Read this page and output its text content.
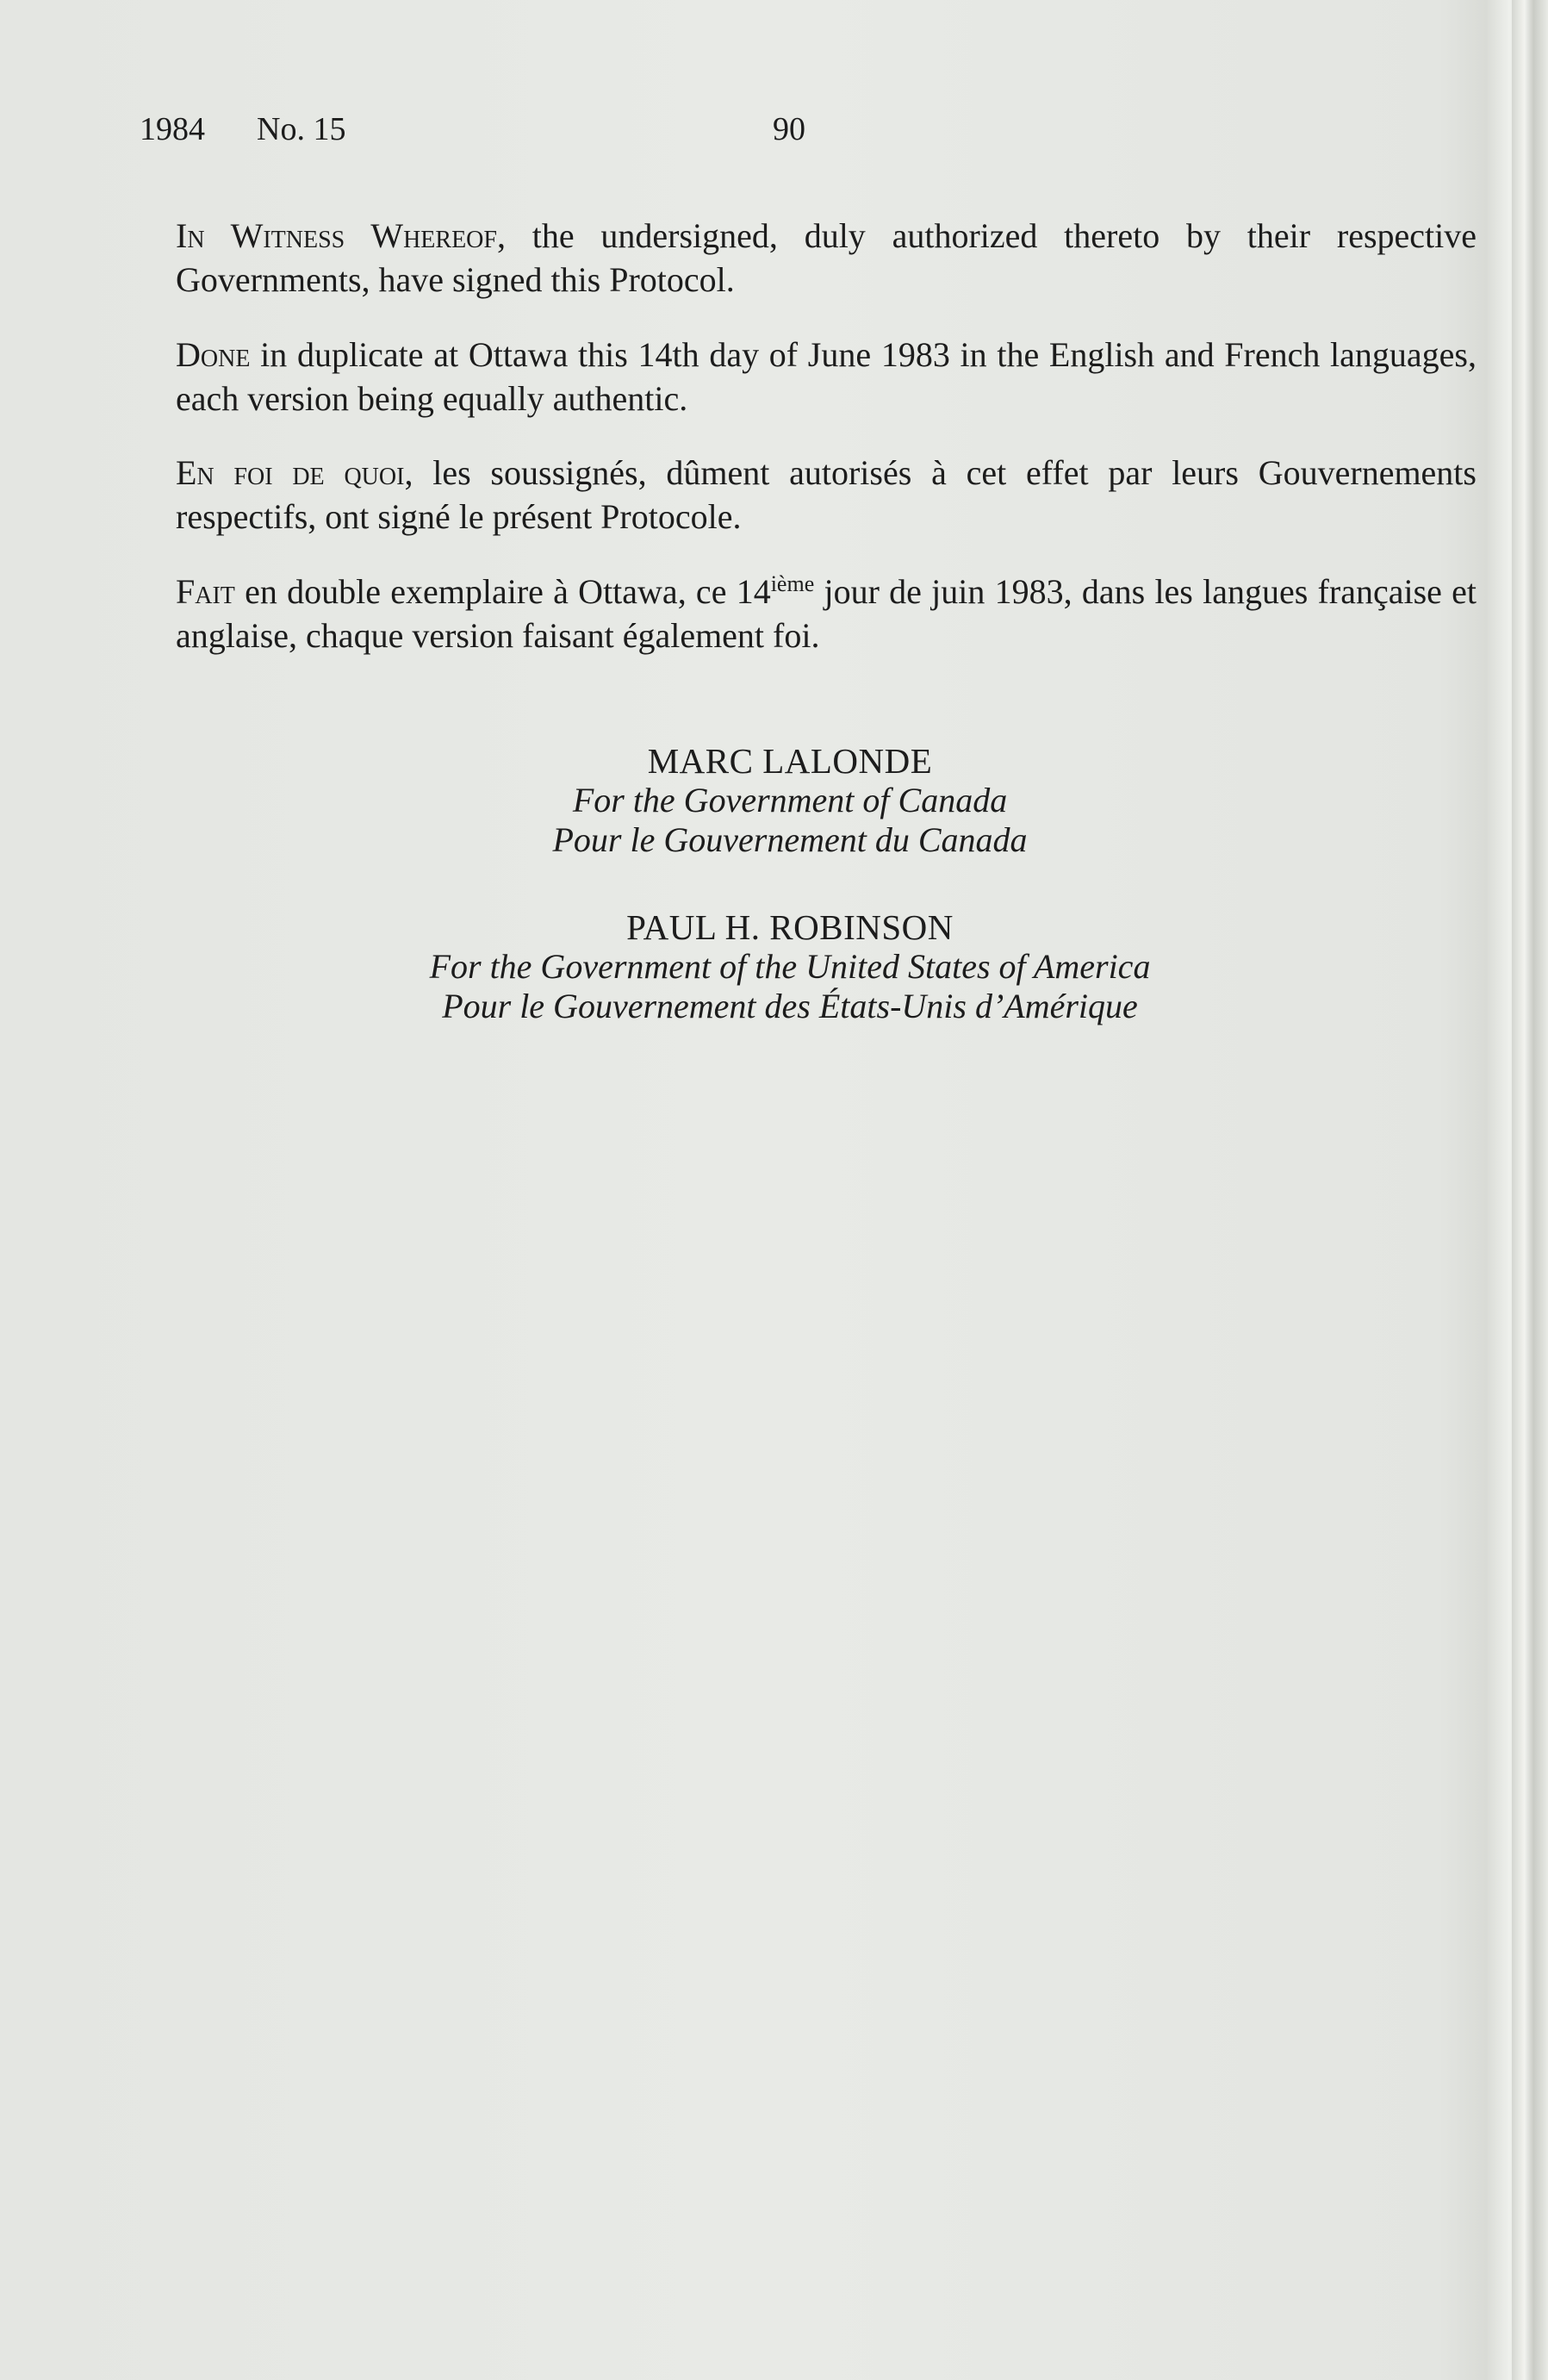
1984 No. 15	90

In Witness Whereof, the undersigned, duly authorized thereto by their respective Governments, have signed this Protocol.

Done in duplicate at Ottawa this 14th day of June 1983 in the English and French languages, each version being equally authentic.

En foi de quoi, les soussignés, dûment autorisés à cet effet par leurs Gouvernements respectifs, ont signé le présent Protocole.

Fait en double exemplaire à Ottawa, ce 14ième jour de juin 1983, dans les langues française et anglaise, chaque version faisant également foi.

MARC LALONDE
For the Government of Canada
Pour le Gouvernement du Canada
PAUL H. ROBINSON
For the Government of the United States of America
Pour le Gouvernement des États-Unis d’Amérique
